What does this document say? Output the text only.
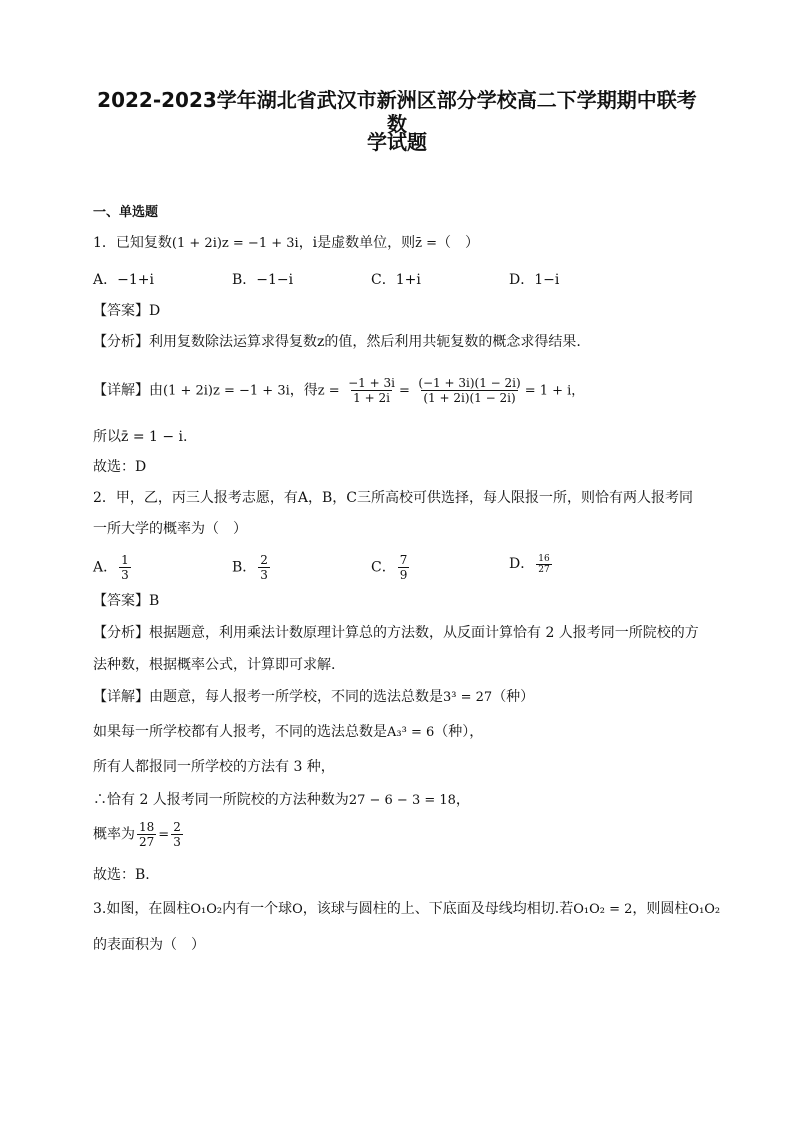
2022-2023学年湖北省武汉市新洲区部分学校高二下学期期中联考数
学试题
一、单选题
1．已知复数(1 + 2i)z = −1 + 3i，i是虚数单位，则z̄ =（　）
A．−1+i	B．−1−i	C．1+i	D．1−i
【答案】D
【分析】利用复数除法运算求得复数z的值，然后利用共轭复数的概念求得结果.
【详解】由(1 + 2i)z = −1 + 3i，得$z = \frac{-1 + 3i}{1 + 2i} = \frac{(-1 + 3i)(1 - 2i)}{(1 + 2i)(1 - 2i)} = 1 + i$，
所以z̄ = 1 − i.
故选：D
2．甲，乙，丙三人报考志愿，有A，B，C三所高校可供选择，每人限报一所，则恰有两人报考同
一所大学的概率为（　）
A． $\frac{1}{3}$	B． $\frac{2}{3}$	C． $\frac{7}{9}$	D． $\frac{16}{27}$
【答案】B
【分析】根据题意，利用乘法计数原理计算总的方法数，从反面计算恰有 2 人报考同一所院校的方
法种数，根据概率公式，计算即可求解.
【详解】由题意，每人报考一所学校，不同的选法总数是3³ = 27（种）
如果每一所学校都有人报考，不同的选法总数是A₃³ = 6（种），
所有人都报同一所学校的方法有 3 种，
∴恰有 2 人报考同一所院校的方法种数为27 − 6 − 3 = 18，
概率为 $\frac{18}{27} = \frac{2}{3}$
故选：B.
3.如图，在圆柱O₁O₂内有一个球O，该球与圆柱的上、下底面及母线均相切.若O₁O₂ = 2，则圆柱O₁O₂
的表面积为（　）
